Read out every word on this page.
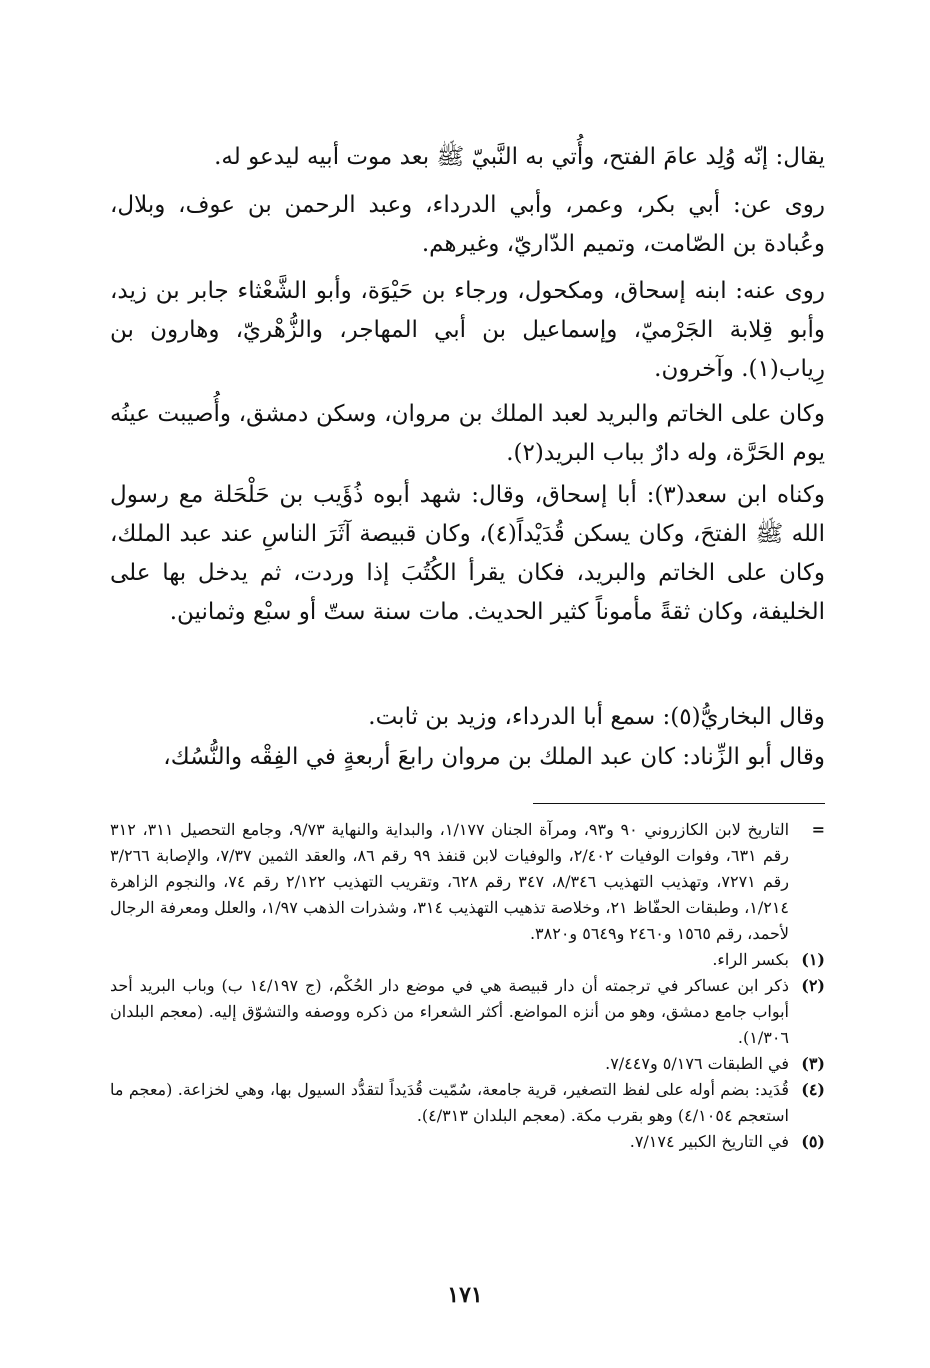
يقال: إنّه وُلِد عامَ الفتح، وأُتي به النَّبيّ ﷺ بعد موت أبيه ليدعو له.

روى عن: أبي بكر، وعمر، وأبي الدرداء، وعبد الرحمن بن عوف، وبلال، وعُبادة بن الصّامت، وتميم الدّاريّ، وغيرهم.

روى عنه: ابنه إسحاق، ومكحول، ورجاء بن حَيْوَة، وأبو الشَّعْثاء جابر بن زيد، وأبو قِلابة الجَرْميّ، وإسماعيل بن أبي المهاجر، والزُّهْريّ، وهارون بن رِياب(١). وآخرون.

وكان على الخاتم والبريد لعبد الملك بن مروان، وسكن دمشق، وأُصيبت عينُه يوم الحَرَّة، وله دارٌ بباب البريد(٢).

وكناه ابن سعد(٣): أبا إسحاق، وقال: شهد أبوه ذُؤَيب بن حَلْحَلة مع رسول الله ﷺ الفتحَ، وكان يسكن قُدَيْداً(٤)، وكان قبيصة آثَرَ الناسِ عند عبد الملك، وكان على الخاتم والبريد، فكان يقرأ الكُتُبَ إذا وردت، ثم يدخل بها على الخليفة، وكان ثقةً مأموناً كثير الحديث. مات سنة ستّ أو سبْع وثمانين.

وقال البخاريُّ(٥): سمع أبا الدرداء، وزيد بن ثابت.

وقال أبو الزِّناد: كان عبد الملك بن مروان رابعَ أربعةٍ في الفِقْه والنُّسُك،

=
التاريخ لابن الكازروني ٩٠ و٩٣، ومرآة الجنان ١/١٧٧، والبداية والنهاية ٩/٧٣، وجامع التحصيل ٣١١، ٣١٢ رقم ٦٣١، وفوات الوفيات ٢/٤٠٢، والوفيات لابن قنفذ ٩٩ رقم ٨٦، والعقد الثمين ٧/٣٧، والإصابة ٣/٢٦٦ رقم ٧٢٧١، وتهذيب التهذيب ٨/٣٤٦، ٣٤٧ رقم ٦٢٨، وتقريب التهذيب ٢/١٢٢ رقم ٧٤، والنجوم الزاهرة ١/٢١٤، وطبقات الحفّاظ ٢١، وخلاصة تذهيب التهذيب ٣١٤، وشذرات الذهب ١/٩٧، والعلل ومعرفة الرجال لأحمد، رقم ١٥٦٥ و٢٤٦٠ و٥٦٤٩ و٣٨٢٠.
(١)
بكسر الراء.
(٢)
ذكر ابن عساكر في ترجمته أن دار قبيصة هي في موضع دار الحُكْم، (ج ١٤/١٩٧ ب) وباب البريد أحد أبواب جامع دمشق، وهو من أنزه المواضع. أكثر الشعراء من ذكره ووصفه والتشوّق إليه. (معجم البلدان ١/٣٠٦).
(٣)
في الطبقات ٥/١٧٦ و٧/٤٤٧.
(٤)
قُدَيد: بضم أوله على لفظ التصغير، قرية جامعة، سُمّيت قُدَيداً لتقدُّد السيول بها، وهي لخزاعة. (معجم ما استعجم ٤/١٠٥٤) وهو بقرب مكة. (معجم البلدان ٤/٣١٣).
(٥)
في التاريخ الكبير ٧/١٧٤.
١٧١
